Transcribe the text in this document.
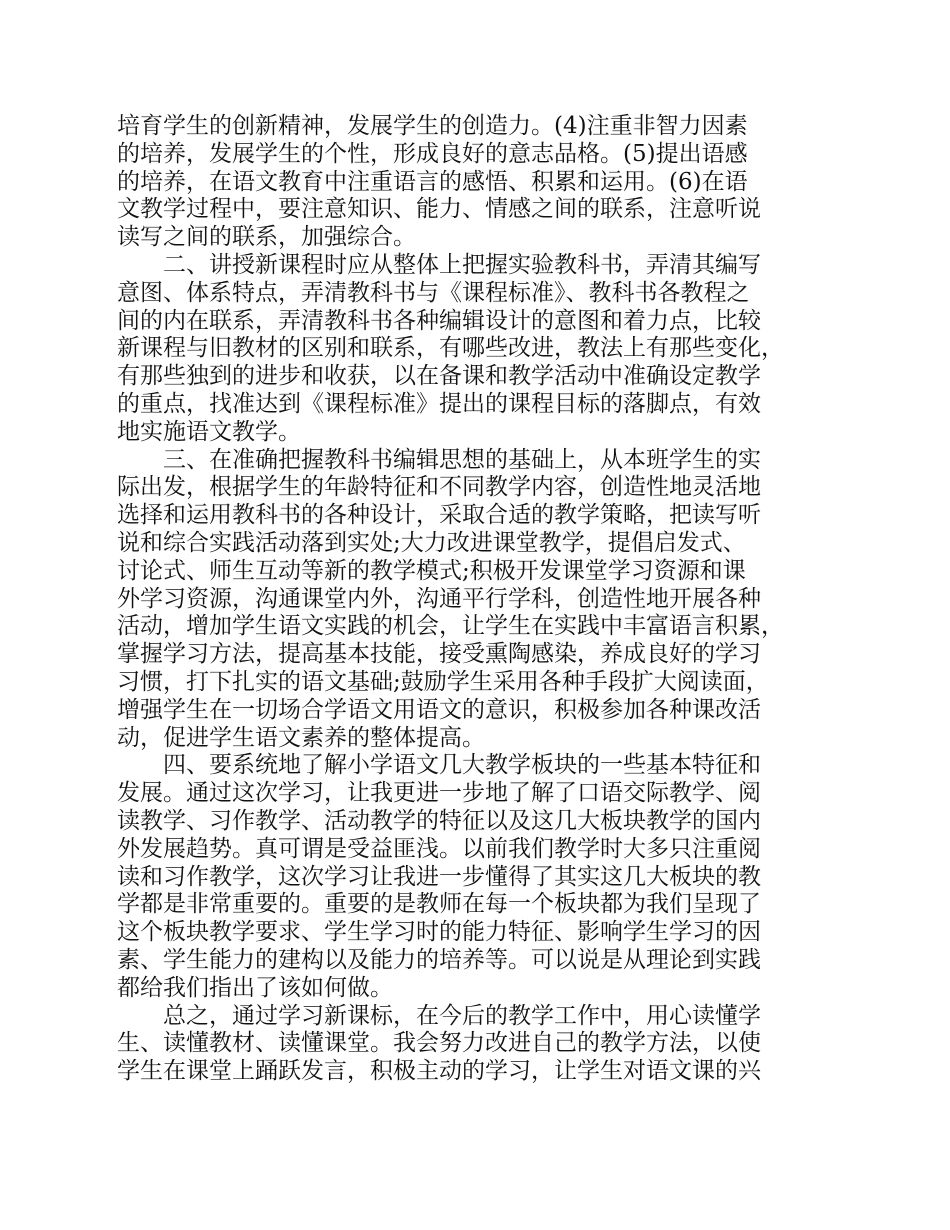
培育学生的创新精神，发展学生的创造力。(4)注重非智力因素
的培养，发展学生的个性，形成良好的意志品格。(5)提出语感
的培养，在语文教育中注重语言的感悟、积累和运用。(6)在语
文教学过程中，要注意知识、能力、情感之间的联系，注意听说
读写之间的联系，加强综合。
二、讲授新课程时应从整体上把握实验教科书，弄清其编写
意图、体系特点，弄清教科书与《课程标准》、教科书各教程之
间的内在联系，弄清教科书各种编辑设计的意图和着力点，比较
新课程与旧教材的区别和联系，有哪些改进，教法上有那些变化，
有那些独到的进步和收获，以在备课和教学活动中准确设定教学
的重点，找准达到《课程标准》提出的课程目标的落脚点，有效
地实施语文教学。
三、在准确把握教科书编辑思想的基础上，从本班学生的实
际出发，根据学生的年龄特征和不同教学内容，创造性地灵活地
选择和运用教科书的各种设计，采取合适的教学策略，把读写听
说和综合实践活动落到实处;大力改进课堂教学，提倡启发式、
讨论式、师生互动等新的教学模式;积极开发课堂学习资源和课
外学习资源，沟通课堂内外，沟通平行学科，创造性地开展各种
活动，增加学生语文实践的机会，让学生在实践中丰富语言积累，
掌握学习方法，提高基本技能，接受熏陶感染，养成良好的学习
习惯，打下扎实的语文基础;鼓励学生采用各种手段扩大阅读面，
增强学生在一切场合学语文用语文的意识，积极参加各种课改活
动，促进学生语文素养的整体提高。
四、要系统地了解小学语文几大教学板块的一些基本特征和
发展。通过这次学习，让我更进一步地了解了口语交际教学、阅
读教学、习作教学、活动教学的特征以及这几大板块教学的国内
外发展趋势。真可谓是受益匪浅。以前我们教学时大多只注重阅
读和习作教学，这次学习让我进一步懂得了其实这几大板块的教
学都是非常重要的。重要的是教师在每一个板块都为我们呈现了
这个板块教学要求、学生学习时的能力特征、影响学生学习的因
素、学生能力的建构以及能力的培养等。可以说是从理论到实践
都给我们指出了该如何做。
总之，通过学习新课标，在今后的教学工作中，用心读懂学
生、读懂教材、读懂课堂。我会努力改进自己的教学方法，以使
学生在课堂上踊跃发言，积极主动的学习，让学生对语文课的兴
